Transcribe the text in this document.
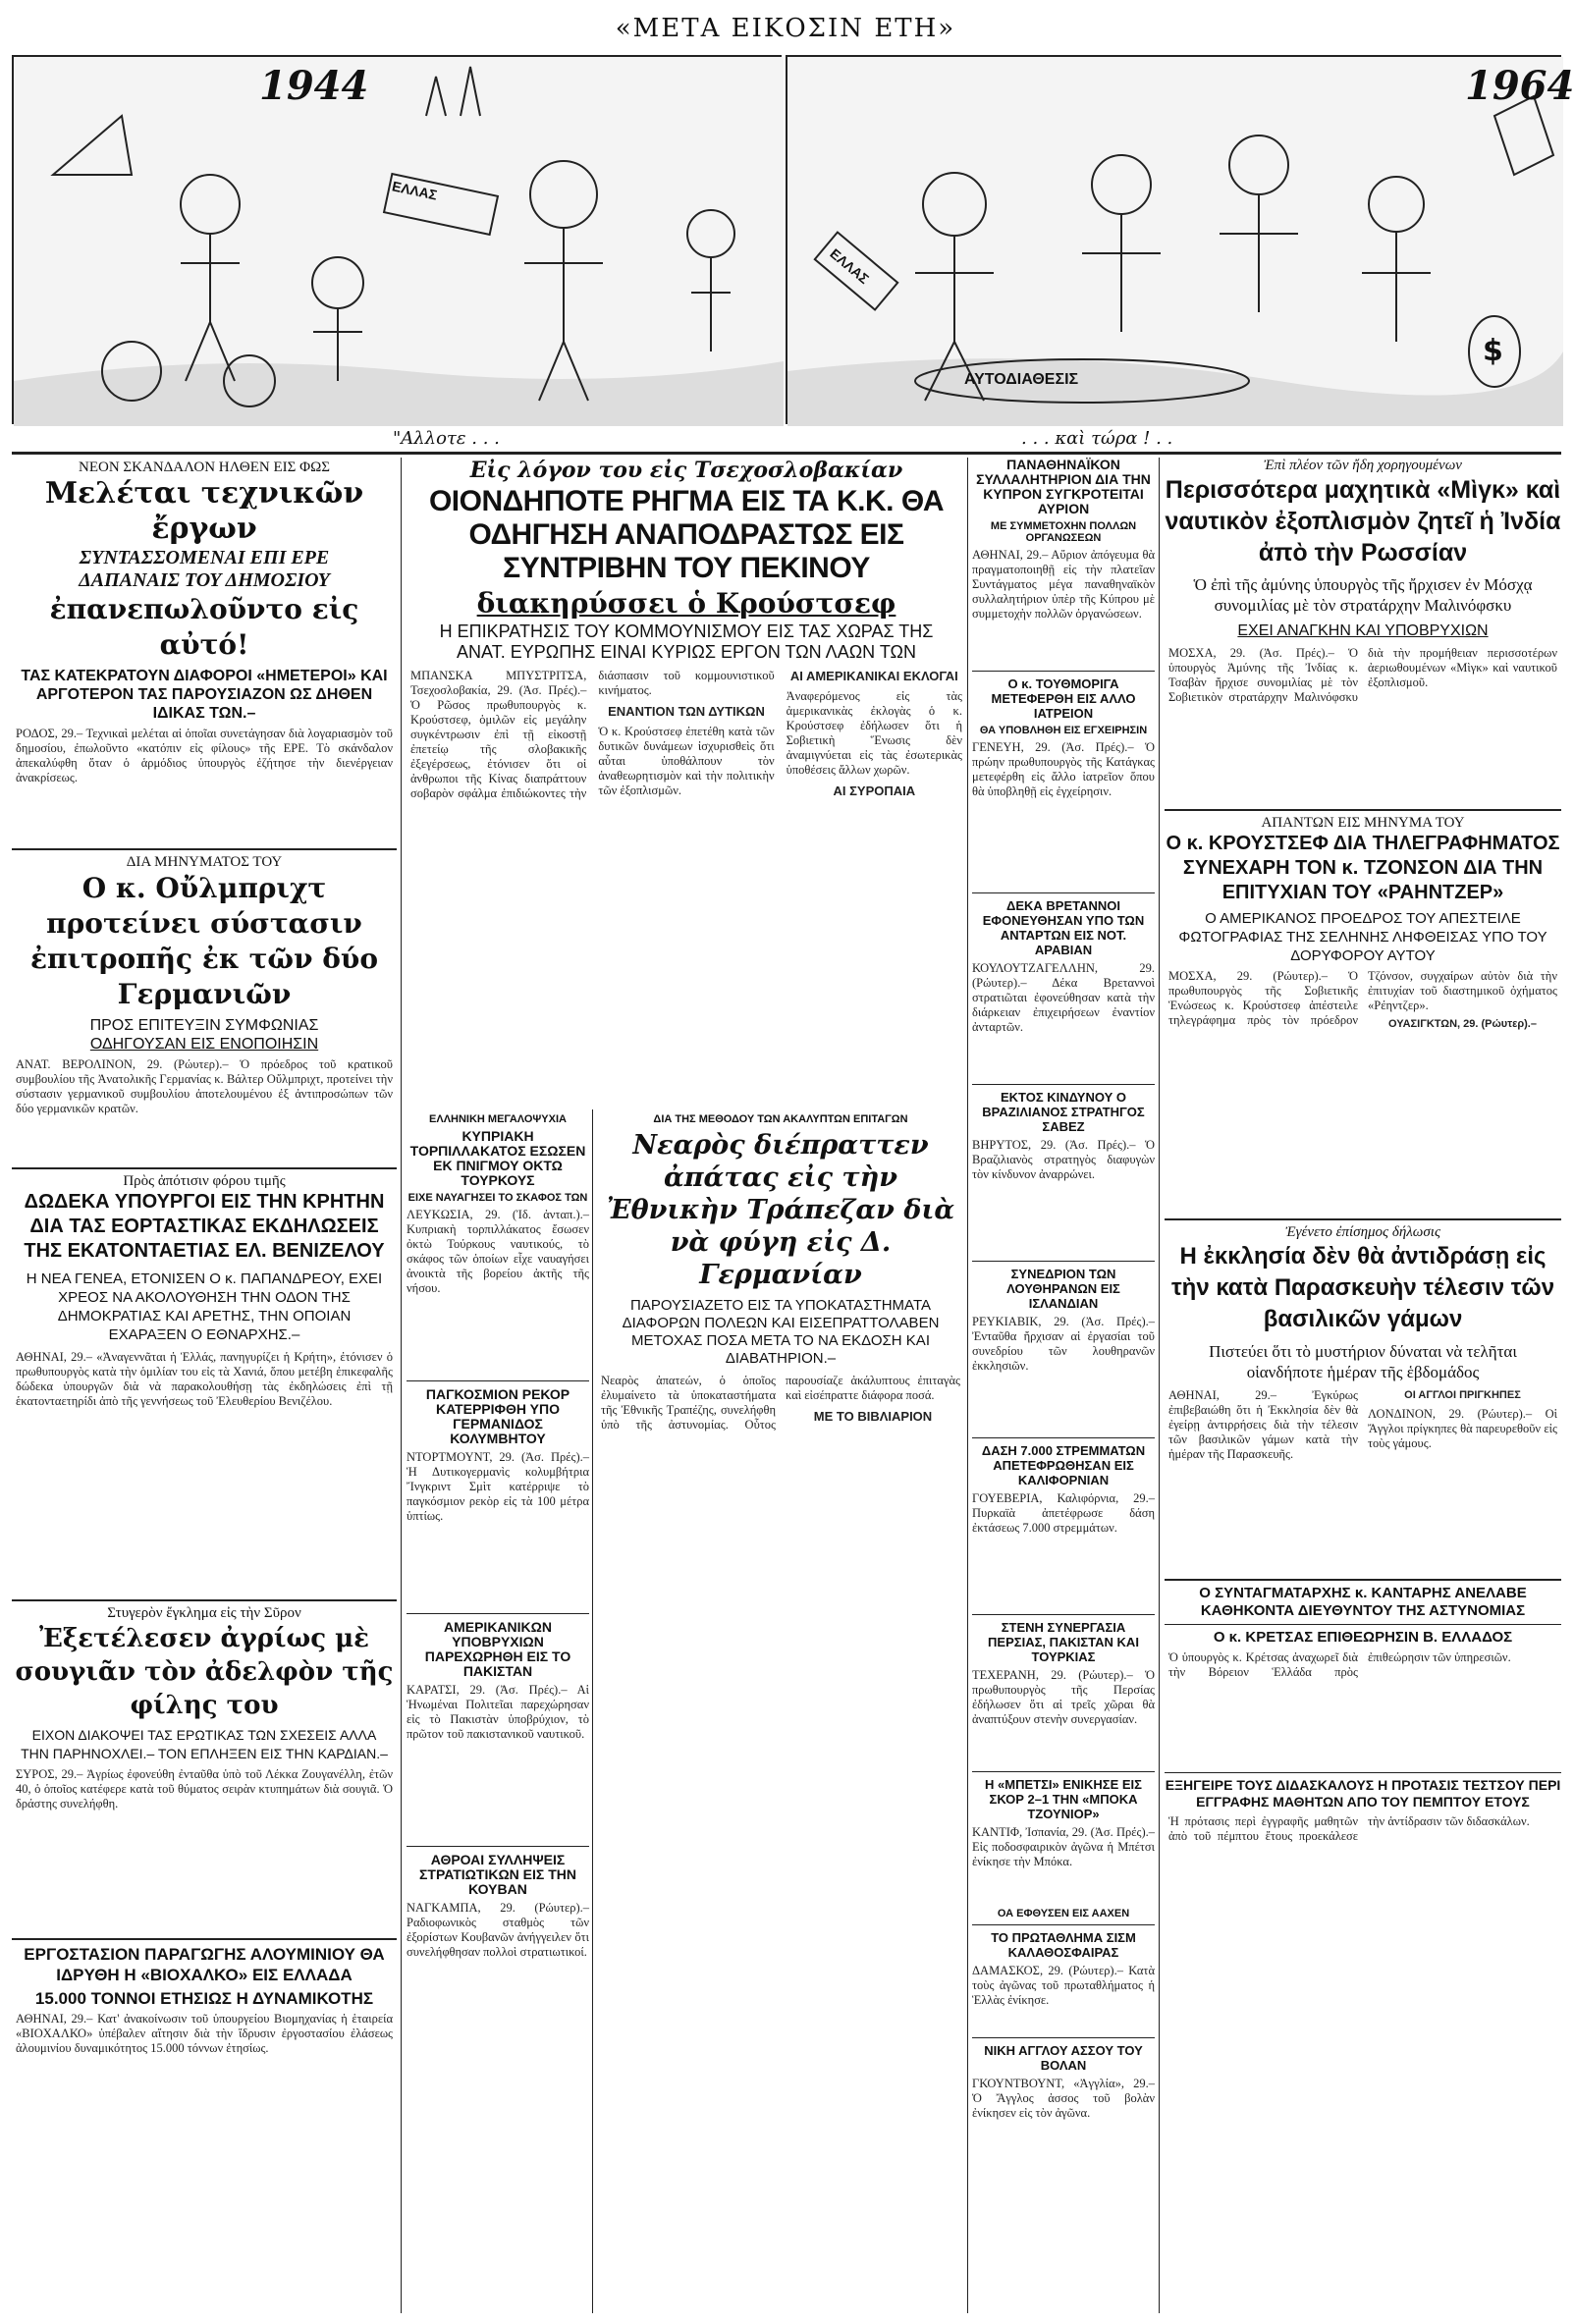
«ΜΕΤΑ ΕΙΚΟΣΙΝ ΕΤΗ»
1944
ΕΛΛΑΣ
1964
ΕΛΛΑΣ
ΑΥΤΟΔΙΑΘΕΣΙΣ
$
"Αλλοτε . . .	. . . καὶ τώρα ! . .
ΝΕΟΝ ΣΚΑΝΔΑΛΟΝ ΗΛΘΕΝ ΕΙΣ ΦΩΣ
Μελέται τεχνικῶν ἔργων
ΣΥΝΤΑΣΣΟΜΕΝΑΙ ΕΠΙ ΕΡΕ
ΔΑΠΑΝΑΙΣ ΤΟΥ ΔΗΜΟΣΙΟΥ
ἐπανεπωλοῦντο εἰς αὐτό!
ΤΑΣ ΚΑΤΕΚΡΑΤΟΥΝ ΔΙΑΦΟΡΟΙ «ΗΜΕΤΕΡΟΙ» ΚΑΙ ΑΡΓΟΤΕΡΟΝ ΤΑΣ ΠΑΡΟΥΣΙΑΖΟΝ ΩΣ ΔΗΘΕΝ ΙΔΙΚΑΣ ΤΩΝ.–
ΡΟΔΟΣ, 29.– Τεχνικαὶ μελέται αἱ ὁποῖαι συνετάγησαν διὰ λογαριασμὸν τοῦ δημοσίου, ἐπωλοῦντο «κατόπιν εἰς φίλους» τῆς ΕΡΕ. Τὸ σκάνδαλον ἀπεκαλύφθη ὅταν ὁ ἁρμόδιος ὑπουργὸς ἐζήτησε τὴν διενέργειαν ἀνακρίσεως.
ΔΙΑ ΜΗΝΥΜΑΤΟΣ ΤΟΥ
Ο κ. Οὔλμπριχτ προτείνει σύστασιν ἐπιτροπῆς ἐκ τῶν δύο Γερμανιῶν
ΠΡΟΣ ΕΠΙΤΕΥΞΙΝ ΣΥΜΦΩΝΙΑΣ
ΟΔΗΓΟΥΣΑΝ ΕΙΣ ΕΝΟΠΟΙΗΣΙΝ
ΑΝΑΤ. ΒΕΡΟΛΙΝΟΝ, 29. (Ρώυτερ).– Ὁ πρόεδρος τοῦ κρατικοῦ συμβουλίου τῆς Ἀνατολικῆς Γερμανίας κ. Βάλτερ Οὔλμπριχτ, προτείνει τὴν σύστασιν γερμανικοῦ συμβουλίου ἀποτελουμένου ἐξ ἀντιπροσώπων τῶν δύο γερμανικῶν κρατῶν.
Πρὸς ἀπότισιν φόρου τιμῆς
ΔΩΔΕΚΑ ΥΠΟΥΡΓΟΙ ΕΙΣ ΤΗΝ ΚΡΗΤΗΝ ΔΙΑ ΤΑΣ ΕΟΡΤΑΣΤΙΚΑΣ ΕΚΔΗΛΩΣΕΙΣ ΤΗΣ ΕΚΑΤΟΝΤΑΕΤΙΑΣ ΕΛ. ΒΕΝΙΖΕΛΟΥ
Η ΝΕΑ ΓΕΝΕΑ, ΕΤΟΝΙΣΕΝ Ο κ. ΠΑΠΑΝΔΡΕΟΥ, ΕΧΕΙ ΧΡΕΟΣ ΝΑ ΑΚΟΛΟΥΘΗΣΗ ΤΗΝ ΟΔΟΝ ΤΗΣ ΔΗΜΟΚΡΑΤΙΑΣ ΚΑΙ ΑΡΕΤΗΣ, ΤΗΝ ΟΠΟΙΑΝ ΕΧΑΡΑΞΕΝ Ο ΕΘΝΑΡΧΗΣ.–
ΑΘΗΝΑΙ, 29.– «Ἀναγεννᾶται ἡ Ἑλλάς, πανηγυρίζει ἡ Κρήτη», ἐτόνισεν ὁ πρωθυπουργὸς κατὰ τὴν ὁμιλίαν του εἰς τὰ Χανιά, ὅπου μετέβη ἐπικεφαλῆς δώδεκα ὑπουργῶν διὰ νὰ παρακολουθήσῃ τὰς ἐκδηλώσεις ἐπὶ τῇ ἑκατονταετηρίδι ἀπὸ τῆς γεννήσεως τοῦ Ἐλευθερίου Βενιζέλου.
Στυγερὸν ἔγκλημα εἰς τὴν Σῦρον
Ἐξετέλεσεν ἀγρίως μὲ σουγιᾶν τὸν ἀδελφὸν τῆς φίλης του
ΕΙΧΟΝ ΔΙΑΚΟΨΕΙ ΤΑΣ ΕΡΩΤΙΚΑΣ ΤΩΝ ΣΧΕΣΕΙΣ ΑΛΛΑ ΤΗΝ ΠΑΡΗΝΟΧΛΕΙ.– ΤΟΝ ΕΠΛΗΞΕΝ ΕΙΣ ΤΗΝ ΚΑΡΔΙΑΝ.–
ΣΥΡΟΣ, 29.– Ἀγρίως ἐφονεύθη ἐνταῦθα ὑπὸ τοῦ Λέκκα Ζουγανέλλη, ἐτῶν 40, ὁ ὁποῖος κατέφερε κατὰ τοῦ θύματος σειρὰν κτυπημάτων διὰ σουγιᾶ. Ὁ δράστης συνελήφθη.
ΕΡΓΟΣΤΑΣΙΟΝ ΠΑΡΑΓΩΓΗΣ ΑΛΟΥΜΙΝΙΟΥ ΘΑ ΙΔΡΥΘΗ Η «ΒΙΟΧΑΛΚΟ» ΕΙΣ ΕΛΛΑΔΑ
15.000 ΤΟΝΝΟΙ ΕΤΗΣΙΩΣ Η ΔΥΝΑΜΙΚΟΤΗΣ
ΑΘΗΝΑΙ, 29.– Κατ' ἀνακοίνωσιν τοῦ ὑπουργείου Βιομηχανίας ἡ ἑταιρεία «ΒΙΟΧΑΛΚΟ» ὑπέβαλεν αἴτησιν διὰ τὴν ἵδρυσιν ἐργοστασίου ἐλάσεως ἀλουμινίου δυναμικότητος 15.000 τόννων ἐτησίως.
Εἰς λόγον του εἰς Τσεχοσλοβακίαν
ΟΙΟΝΔΗΠΟΤΕ ΡΗΓΜΑ ΕΙΣ ΤΑ Κ.Κ. ΘΑ ΟΔΗΓΗΣΗ ΑΝΑΠΟΔΡΑΣΤΩΣ ΕΙΣ ΣΥΝΤΡΙΒΗΝ ΤΟΥ ΠΕΚΙΝΟΥ
διακηρύσσει ὁ Κρούστσεφ
Η ΕΠΙΚΡΑΤΗΣΙΣ ΤΟΥ ΚΟΜΜΟΥΝΙΣΜΟΥ ΕΙΣ ΤΑΣ ΧΩΡΑΣ ΤΗΣ ΑΝΑΤ. ΕΥΡΩΠΗΣ ΕΙΝΑΙ ΚΥΡΙΩΣ ΕΡΓΟΝ ΤΩΝ ΛΑΩΝ ΤΩΝ
ΜΠΑΝΣΚΑ ΜΠΥΣΤΡΙΤΣΑ, Τσεχοσλοβακία, 29. (Ἀσ. Πρές).– Ὁ Ρῶσος πρωθυπουργὸς κ. Κρούστσεφ, ὁμιλῶν εἰς μεγάλην συγκέντρωσιν ἐπὶ τῇ εἰκοστῇ ἐπετείῳ τῆς σλοβακικῆς ἐξεγέρσεως, ἐτόνισεν ὅτι οἱ ἀνθρωποι τῆς Κίνας διαπράττουν σοβαρὸν σφάλμα ἐπιδιώκοντες τὴν διάσπασιν τοῦ κομμουνιστικοῦ κινήματος.
ΕΝΑΝΤΙΟΝ ΤΩΝ ΔΥΤΙΚΩΝ
Ὁ κ. Κρούστσεφ ἐπετέθη κατὰ τῶν δυτικῶν δυνάμεων ἰσχυρισθεὶς ὅτι αὗται ὑποθάλπουν τὸν ἀναθεωρητισμὸν καὶ τὴν πολιτικὴν τῶν ἐξοπλισμῶν.
ΑΙ ΑΜΕΡΙΚΑΝΙΚΑΙ ΕΚΛΟΓΑΙ
Ἀναφερόμενος εἰς τὰς ἀμερικανικὰς ἐκλογὰς ὁ κ. Κρούστσεφ ἐδήλωσεν ὅτι ἡ Σοβιετικὴ Ἕνωσις δὲν ἀναμιγνύεται εἰς τὰς ἐσωτερικὰς ὑποθέσεις ἄλλων χωρῶν.
ΑΙ ΣΥΡΟΠΑΙΑ
ΕΛΛΗΝΙΚΗ ΜΕΓΑΛΟΨΥΧΙΑ
ΚΥΠΡΙΑΚΗ ΤΟΡΠΙΛΛΑΚΑΤΟΣ ΕΣΩΣΕΝ ΕΚ ΠΝΙΓΜΟΥ ΟΚΤΩ ΤΟΥΡΚΟΥΣ
ΕΙΧΕ ΝΑΥΑΓΗΣΕΙ ΤΟ ΣΚΑΦΟΣ ΤΩΝ
ΛΕΥΚΩΣΙΑ, 29. (Ἰδ. ἀνταπ.).– Κυπριακὴ τορπιλλάκατος ἔσωσεν ὀκτὼ Τούρκους ναυτικούς, τὸ σκάφος τῶν ὁποίων εἶχε ναυαγήσει ἀνοικτὰ τῆς βορείου ἀκτῆς τῆς νήσου.
ΠΑΓΚΟΣΜΙΟΝ ΡΕΚΟΡ ΚΑΤΕΡΡΙΦΘΗ ΥΠΟ ΓΕΡΜΑΝΙΔΟΣ ΚΟΛΥΜΒΗΤΟΥ
ΝΤΟΡΤΜΟΥΝΤ, 29. (Ἀσ. Πρές).– Ἡ Δυτικογερμανὶς κολυμβήτρια Ἴνγκριντ Σμὶτ κατέρριψε τὸ παγκόσμιον ρεκὸρ εἰς τὰ 100 μέτρα ὑπτίως.
ΑΜΕΡΙΚΑΝΙΚΩΝ ΥΠΟΒΡΥΧΙΩΝ ΠΑΡΕΧΩΡΗΘΗ ΕΙΣ ΤΟ ΠΑΚΙΣΤΑΝ
ΚΑΡΑΤΣΙ, 29. (Ἀσ. Πρές).– Αἱ Ἡνωμέναι Πολιτεῖαι παρεχώρησαν εἰς τὸ Πακιστὰν ὑποβρύχιον, τὸ πρῶτον τοῦ πακιστανικοῦ ναυτικοῦ.
ΑΘΡΟΑΙ ΣΥΛΛΗΨΕΙΣ ΣΤΡΑΤΙΩΤΙΚΩΝ ΕΙΣ ΤΗΝ ΚΟΥΒΑΝ
ΝΑΓΚΑΜΠΑ, 29. (Ρώυτερ).– Ραδιοφωνικὸς σταθμὸς τῶν ἐξορίστων Κουβανῶν ἀνήγγειλεν ὅτι συνελήφθησαν πολλοὶ στρατιωτικοί.
ΔΙΑ ΤΗΣ ΜΕΘΟΔΟΥ ΤΩΝ ΑΚΑΛΥΠΤΩΝ ΕΠΙΤΑΓΩΝ
Νεαρὸς διέπραττεν ἀπάτας εἰς τὴν Ἐθνικὴν Τράπεζαν διὰ νὰ φύγη εἰς Δ. Γερμανίαν
ΠΑΡΟΥΣΙΑΖΕΤΟ ΕΙΣ ΤΑ ΥΠΟΚΑΤΑΣΤΗΜΑΤΑ ΔΙΑΦΟΡΩΝ ΠΟΛΕΩΝ ΚΑΙ ΕΙΣΕΠΡΑΤΤΟΛΑΒΕΝ ΜΕΤΟΧΑΣ ΠΟΣΑ ΜΕΤΑ ΤΟ ΝΑ ΕΚΔΟΣΗ ΚΑΙ ΔΙΑΒΑΤΗΡΙΟΝ.–
Νεαρὸς ἀπατεών, ὁ ὁποῖος ἐλυμαίνετο τὰ ὑποκαταστήματα τῆς Ἐθνικῆς Τραπέζης, συνελήφθη ὑπὸ τῆς ἀστυνομίας. Οὗτος παρουσίαζε ἀκάλυπτους ἐπιταγὰς καὶ εἰσέπραττε διάφορα ποσά.
ΜΕ ΤΟ ΒΙΒΛΙΑΡΙΟΝ
ΠΑΝΑΘΗΝΑΪΚΟΝ ΣΥΛΛΑΛΗΤΗΡΙΟΝ ΔΙΑ ΤΗΝ ΚΥΠΡΟΝ ΣΥΓΚΡΟΤΕΙΤΑΙ ΑΥΡΙΟΝ
ΜΕ ΣΥΜΜΕΤΟΧΗΝ ΠΟΛΛΩΝ ΟΡΓΑΝΩΣΕΩΝ
ΑΘΗΝΑΙ, 29.– Αὔριον ἀπόγευμα θὰ πραγματοποιηθῇ εἰς τὴν πλατεῖαν Συντάγματος μέγα παναθηναϊκὸν συλλαλητήριον ὑπὲρ τῆς Κύπρου μὲ συμμετοχὴν πολλῶν ὀργανώσεων.
Ο κ. ΤΟΥΘΜΟΡΙΓΑ ΜΕΤΕΦΕΡΘΗ ΕΙΣ ΑΛΛΟ ΙΑΤΡΕΙΟΝ
ΘΑ ΥΠΟΒΛΗΘΗ ΕΙΣ ΕΓΧΕΙΡΗΣΙΝ
ΓΕΝΕΥΗ, 29. (Ἀσ. Πρές).– Ὁ πρώην πρωθυπουργὸς τῆς Κατάγκας μετεφέρθη εἰς ἄλλο ἰατρεῖον ὅπου θὰ ὑποβληθῇ εἰς ἐγχείρησιν.
ΔΕΚΑ ΒΡΕΤΑΝΝΟΙ ΕΦΟΝΕΥΘΗΣΑΝ ΥΠΟ ΤΩΝ ΑΝΤΑΡΤΩΝ ΕΙΣ ΝΟΤ. ΑΡΑΒΙΑΝ
ΚΟΥΛΟΥΤΖΑΓΕΛΛΗΝ, 29. (Ρώυτερ).– Δέκα Βρεταννοὶ στρατιῶται ἐφονεύθησαν κατὰ τὴν διάρκειαν ἐπιχειρήσεων ἐναντίον ἀνταρτῶν.
ΕΚΤΟΣ ΚΙΝΔΥΝΟΥ Ο ΒΡΑΖΙΛΙΑΝΟΣ ΣΤΡΑΤΗΓΟΣ ΣΑΒΕΖ
ΒΗΡΥΤΟΣ, 29. (Ἀσ. Πρές).– Ὁ Βραζιλιανὸς στρατηγὸς διαφυγὼν τὸν κίνδυνον ἀναρρώνει.
ΣΥΝΕΔΡΙΟΝ ΤΩΝ ΛΟΥΘΗΡΑΝΩΝ ΕΙΣ ΙΣΛΑΝΔΙΑΝ
ΡΕΥΚΙΑΒΙΚ, 29. (Ἀσ. Πρές).– Ἐνταῦθα ἤρχισαν αἱ ἐργασίαι τοῦ συνεδρίου τῶν λουθηρανῶν ἐκκλησιῶν.
ΔΑΣΗ 7.000 ΣΤΡΕΜΜΑΤΩΝ ΑΠΕΤΕΦΡΩΘΗΣΑΝ ΕΙΣ ΚΑΛΙΦΟΡΝΙΑΝ
ΓΟΥΕΒΕΡΙΑ, Καλιφόρνια, 29.– Πυρκαϊὰ ἀπετέφρωσε δάση ἐκτάσεως 7.000 στρεμμάτων.
ΣΤΕΝΗ ΣΥΝΕΡΓΑΣΙΑ ΠΕΡΣΙΑΣ, ΠΑΚΙΣΤΑΝ ΚΑΙ ΤΟΥΡΚΙΑΣ
ΤΕΧΕΡΑΝΗ, 29. (Ρώυτερ).– Ὁ πρωθυπουργὸς τῆς Περσίας ἐδήλωσεν ὅτι αἱ τρεῖς χῶραι θὰ ἀναπτύξουν στενὴν συνεργασίαν.
Η «ΜΠΕΤΣΙ» ΕΝΙΚΗΣΕ ΕΙΣ ΣΚΟΡ 2–1 ΤΗΝ «ΜΠΟΚΑ ΤΖΟΥΝΙΟΡ»
ΚΑΝΤΙΦ, Ἰσπανία, 29. (Ἀσ. Πρές).– Εἰς ποδοσφαιρικὸν ἀγῶνα ἡ Μπέτσι ἐνίκησε τὴν Μπόκα.
ΟΑ ΕΦΘΥΣΕΝ ΕΙΣ ΑΑΧΕΝ
ΤΟ ΠΡΩΤΑΘΛΗΜΑ ΣΙΣΜ ΚΑΛΑΘΟΣΦΑΙΡΑΣ
ΔΑΜΑΣΚΟΣ, 29. (Ρώυτερ).– Κατὰ τοὺς ἀγῶνας τοῦ πρωταθλήματος ἡ Ἑλλὰς ἐνίκησε.
ΝΙΚΗ ΑΓΓΛΟΥ ΑΣΣΟΥ ΤΟΥ ΒΟΛΑΝ
ΓΚΟΥΝΤΒΟΥΝΤ, «Ἀγγλία», 29.– Ὁ Ἄγγλος ἀσσος τοῦ βολὰν ἐνίκησεν εἰς τὸν ἀγῶνα.
Ἐπὶ πλέον τῶν ἤδη χορηγουμένων
Περισσότερα μαχητικὰ «Μὶγκ» καὶ ναυτικὸν ἐξοπλισμὸν ζητεῖ ἡ Ἰνδία ἀπὸ τὴν Ρωσσίαν
Ὁ ἐπὶ τῆς ἀμύνης ὑπουργὸς τῆς ἤρχισεν ἐν Μόσχᾳ συνομιλίας μὲ τὸν στρατάρχην Μαλινόφσκυ
ΕΧΕΙ ΑΝΑΓΚΗΝ ΚΑΙ ΥΠΟΒΡΥΧΙΩΝ
ΜΟΣΧΑ, 29. (Ἀσ. Πρές).– Ὁ ὑπουργὸς Ἀμύνης τῆς Ἰνδίας κ. Τσαβὰν ἤρχισε συνομιλίας μὲ τὸν Σοβιετικὸν στρατάρχην Μαλινόφσκυ διὰ τὴν προμήθειαν περισσοτέρων ἀεριωθουμένων «Μὶγκ» καὶ ναυτικοῦ ἐξοπλισμοῦ.
ΑΠΑΝΤΩΝ ΕΙΣ ΜΗΝΥΜΑ ΤΟΥ
Ο κ. ΚΡΟΥΣΤΣΕΦ ΔΙΑ ΤΗΛΕΓΡΑΦΗΜΑΤΟΣ ΣΥΝΕΧΑΡΗ ΤΟΝ κ. ΤΖΟΝΣΟΝ ΔΙΑ ΤΗΝ ΕΠΙΤΥΧΙΑΝ ΤΟΥ «ΡΑΗΝΤΖΕΡ»
Ο ΑΜΕΡΙΚΑΝΟΣ ΠΡΟΕΔΡΟΣ ΤΟΥ ΑΠΕΣΤΕΙΛΕ ΦΩΤΟΓΡΑΦΙΑΣ ΤΗΣ ΣΕΛΗΝΗΣ ΛΗΦΘΕΙΣΑΣ ΥΠΟ ΤΟΥ ΔΟΡΥΦΟΡΟΥ ΑΥΤΟΥ
ΜΟΣΧΑ, 29. (Ρώυτερ).– Ὁ πρωθυπουργὸς τῆς Σοβιετικῆς Ἑνώσεως κ. Κρούστσεφ ἀπέστειλε τηλεγράφημα πρὸς τὸν πρόεδρον Τζόνσον, συγχαίρων αὐτὸν διὰ τὴν ἐπιτυχίαν τοῦ διαστημικοῦ ὀχήματος «Ρέηντζερ».
ΟΥΑΣΙΓΚΤΩΝ, 29. (Ρώυτερ).–
Ἐγένετο ἐπίσημος δήλωσις
Η ἐκκλησία δὲν θὰ ἀντιδράσῃ εἰς τὴν κατὰ Παρασκευὴν τέλεσιν τῶν βασιλικῶν γάμων
Πιστεύει ὅτι τὸ μυστήριον δύναται νὰ τελῆται οἱανδήποτε ἡμέραν τῆς ἑβδομάδος
ΑΘΗΝΑΙ, 29.– Ἐγκύρως ἐπιβεβαιώθη ὅτι ἡ Ἐκκλησία δὲν θὰ ἐγείρῃ ἀντιρρήσεις διὰ τὴν τέλεσιν τῶν βασιλικῶν γάμων κατὰ τὴν ἡμέραν τῆς Παρασκευῆς.
ΟΙ ΑΓΓΛΟΙ ΠΡΙΓΚΗΠΕΣ
ΛΟΝΔΙΝΟΝ, 29. (Ρώυτερ).– Οἱ Ἄγγλοι πρίγκηπες θὰ παρευρεθοῦν εἰς τοὺς γάμους.
Ο ΣΥΝΤΑΓΜΑΤΑΡΧΗΣ κ. ΚΑΝΤΑΡΗΣ ΑΝΕΛΑΒΕ ΚΑΘΗΚΟΝΤΑ ΔΙΕΥΘΥΝΤΟΥ ΤΗΣ ΑΣΤΥΝΟΜΙΑΣ
Ο κ. ΚΡΕΤΣΑΣ ΕΠΙΘΕΩΡΗΣΙΝ Β. ΕΛΛΑΔΟΣ
Ὁ ὑπουργὸς κ. Κρέτσας ἀναχωρεῖ διὰ τὴν Βόρειον Ἑλλάδα πρὸς ἐπιθεώρησιν τῶν ὑπηρεσιῶν.
ΕΞΗΓΕΙΡΕ ΤΟΥΣ ΔΙΔΑΣΚΑΛΟΥΣ Η ΠΡΟΤΑΣΙΣ ΤΕΣΤΣΟΥ ΠΕΡΙ ΕΓΓΡΑΦΗΣ ΜΑΘΗΤΩΝ ΑΠΟ ΤΟΥ ΠΕΜΠΤΟΥ ΕΤΟΥΣ
Ἡ πρότασις περὶ ἐγγραφῆς μαθητῶν ἀπὸ τοῦ πέμπτου ἔτους προεκάλεσε τὴν ἀντίδρασιν τῶν διδασκάλων.
